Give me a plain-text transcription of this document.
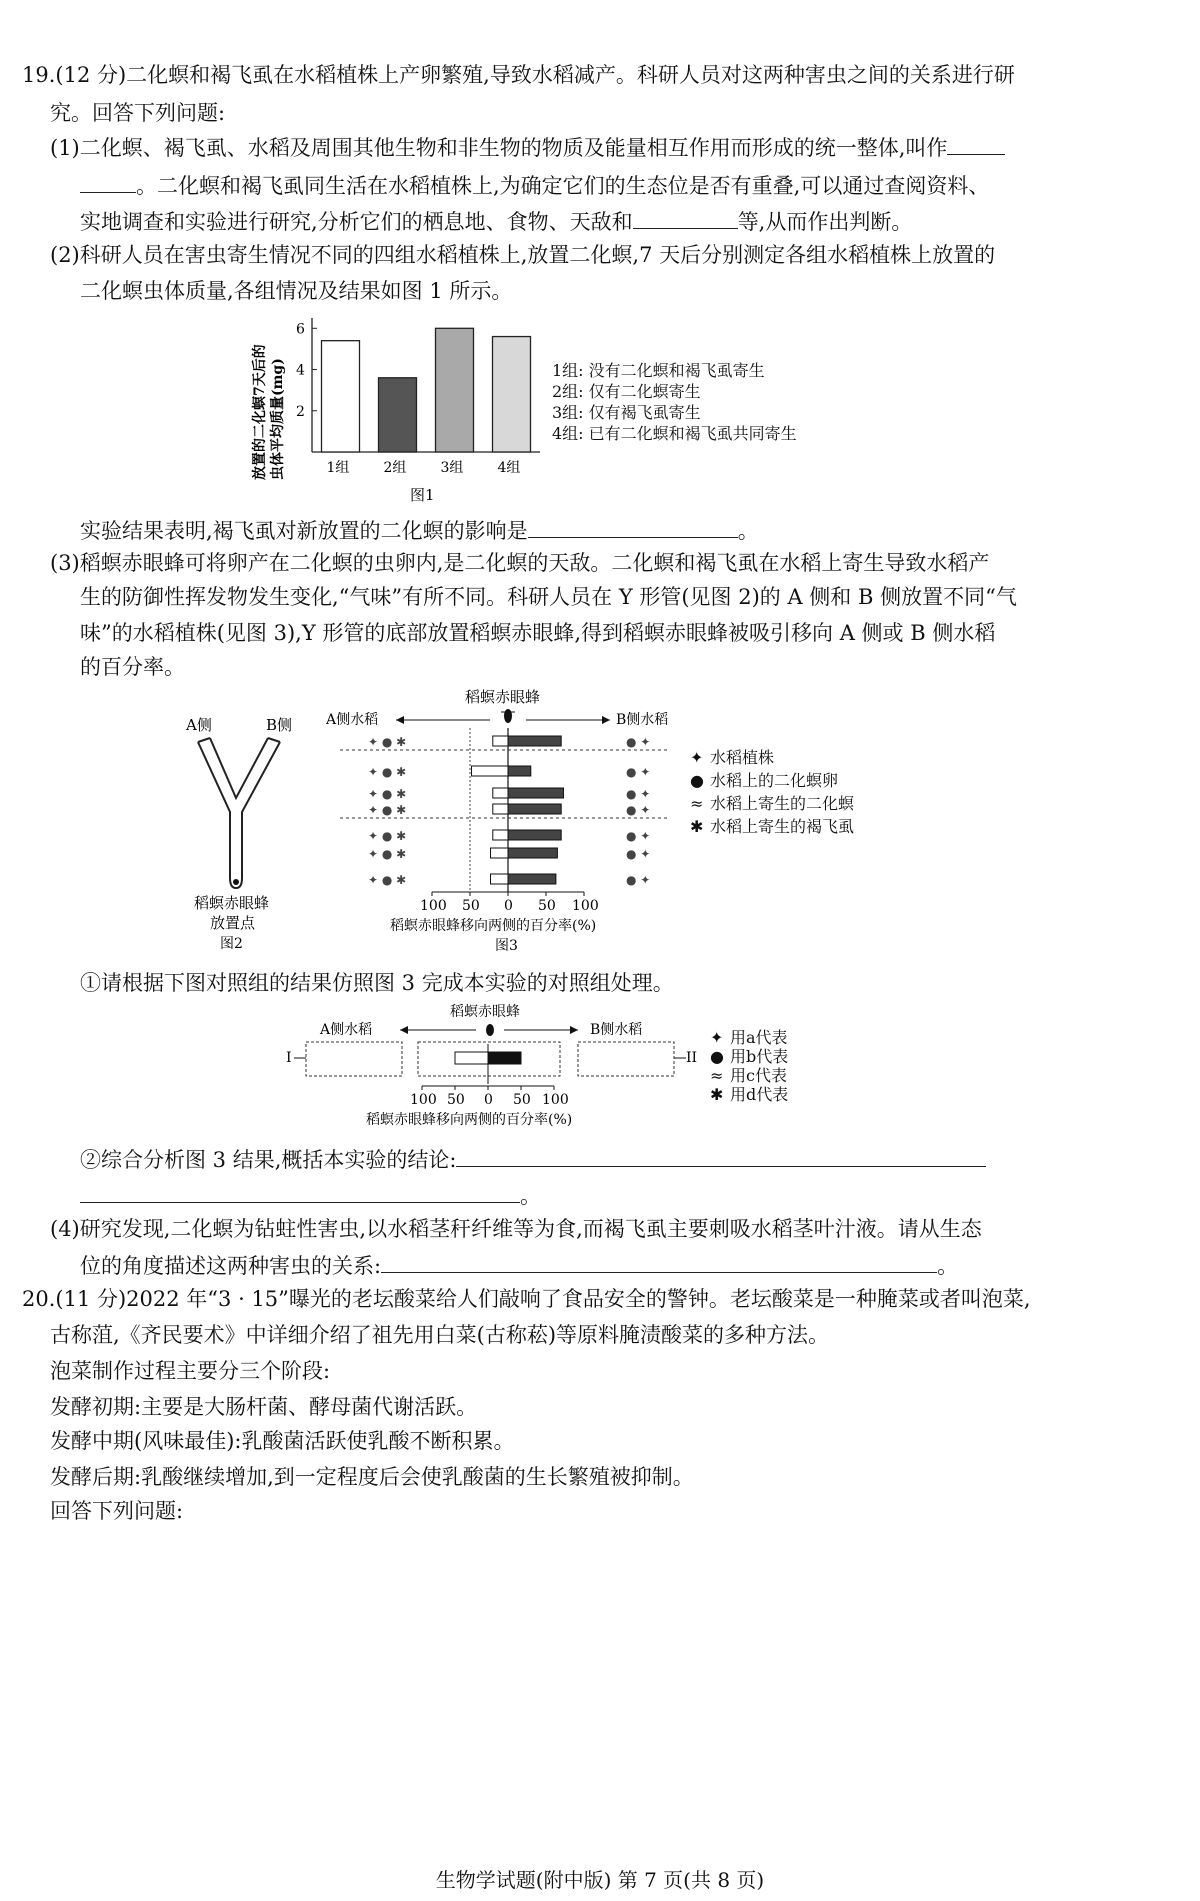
19.(12 分)二化螟和褐飞虱在水稻植株上产卵繁殖,导致水稻减产。科研人员对这两种害虫之间的关系进行研
究。回答下列问题:
(1)二化螟、褐飞虱、水稻及周围其他生物和非生物的物质及能量相互作用而形成的统一整体,叫作
。二化螟和褐飞虱同生活在水稻植株上,为确定它们的生态位是否有重叠,可以通过查阅资料、
实地调查和实验进行研究,分析它们的栖息地、食物、天敌和	等,从而作出判断。
(2)科研人员在害虫寄生情况不同的四组水稻植株上,放置二化螟,7 天后分别测定各组水稻植株上放置的
二化螟虫体质量,各组情况及结果如图 1 所示。
放置的二化螟7天后的 虫体平均质量(mg) 2
4
6
1组 2组 3组 4组
图1
1组: 没有二化螟和褐飞虱寄生
2组: 仅有二化螟寄生
3组: 仅有褐飞虱寄生
4组: 已有二化螟和褐飞虱共同寄生
实验结果表明,褐飞虱对新放置的二化螟的影响是	。
(3)稻螟赤眼蜂可将卵产在二化螟的虫卵内,是二化螟的天敌。二化螟和褐飞虱在水稻上寄生导致水稻产
生的防御性挥发物发生变化,“气味”有所不同。科研人员在 Y 形管(见图 2)的 A 侧和 B 侧放置不同“气
味”的水稻植株(见图 3),Y 形管的底部放置稻螟赤眼蜂,得到稻螟赤眼蜂被吸引移向 A 侧或 B 侧水稻
的百分率。
A侧	B侧
稻螟赤眼蜂
放置点
图2
稻螟赤眼蜂
A侧水稻	B侧水稻
✦ ● ✱	● ✦
✦ ● ✱	● ✦
✦ ● ✱	● ✦
✦ ● ✱	● ✦
✦ ● ✱	● ✦
✦ ● ✱	● ✦
✦ ● ✱	● ✦
100 50 0 50 100
稻螟赤眼蜂移向两侧的百分率(%)
图3
✦ 水稻植株
● 水稻上的二化螟卵
≈ 水稻上寄生的二化螟
✱ 水稻上寄生的褐飞虱
①请根据下图对照组的结果仿照图 3 完成本实验的对照组处理。
稻螟赤眼蜂
A侧水稻	B侧水稻
I	II
100 50 0 50 100
稻螟赤眼蜂移向两侧的百分率(%)
✦ 用a代表
● 用b代表
≈ 用c代表
✱ 用d代表
②综合分析图 3 结果,概括本实验的结论:
。
(4)研究发现,二化螟为钻蛀性害虫,以水稻茎秆纤维等为食,而褐飞虱主要刺吸水稻茎叶汁液。请从生态
位的角度描述这两种害虫的关系:	。
20.(11 分)2022 年“3 · 15”曝光的老坛酸菜给人们敲响了食品安全的警钟。老坛酸菜是一种腌菜或者叫泡菜,
古称菹,《齐民要术》中详细介绍了祖先用白菜(古称菘)等原料腌渍酸菜的多种方法。
泡菜制作过程主要分三个阶段:
发酵初期:主要是大肠杆菌、酵母菌代谢活跃。
发酵中期(风味最佳):乳酸菌活跃使乳酸不断积累。
发酵后期:乳酸继续增加,到一定程度后会使乳酸菌的生长繁殖被抑制。
回答下列问题:
生物学试题(附中版) 第 7 页(共 8 页)
